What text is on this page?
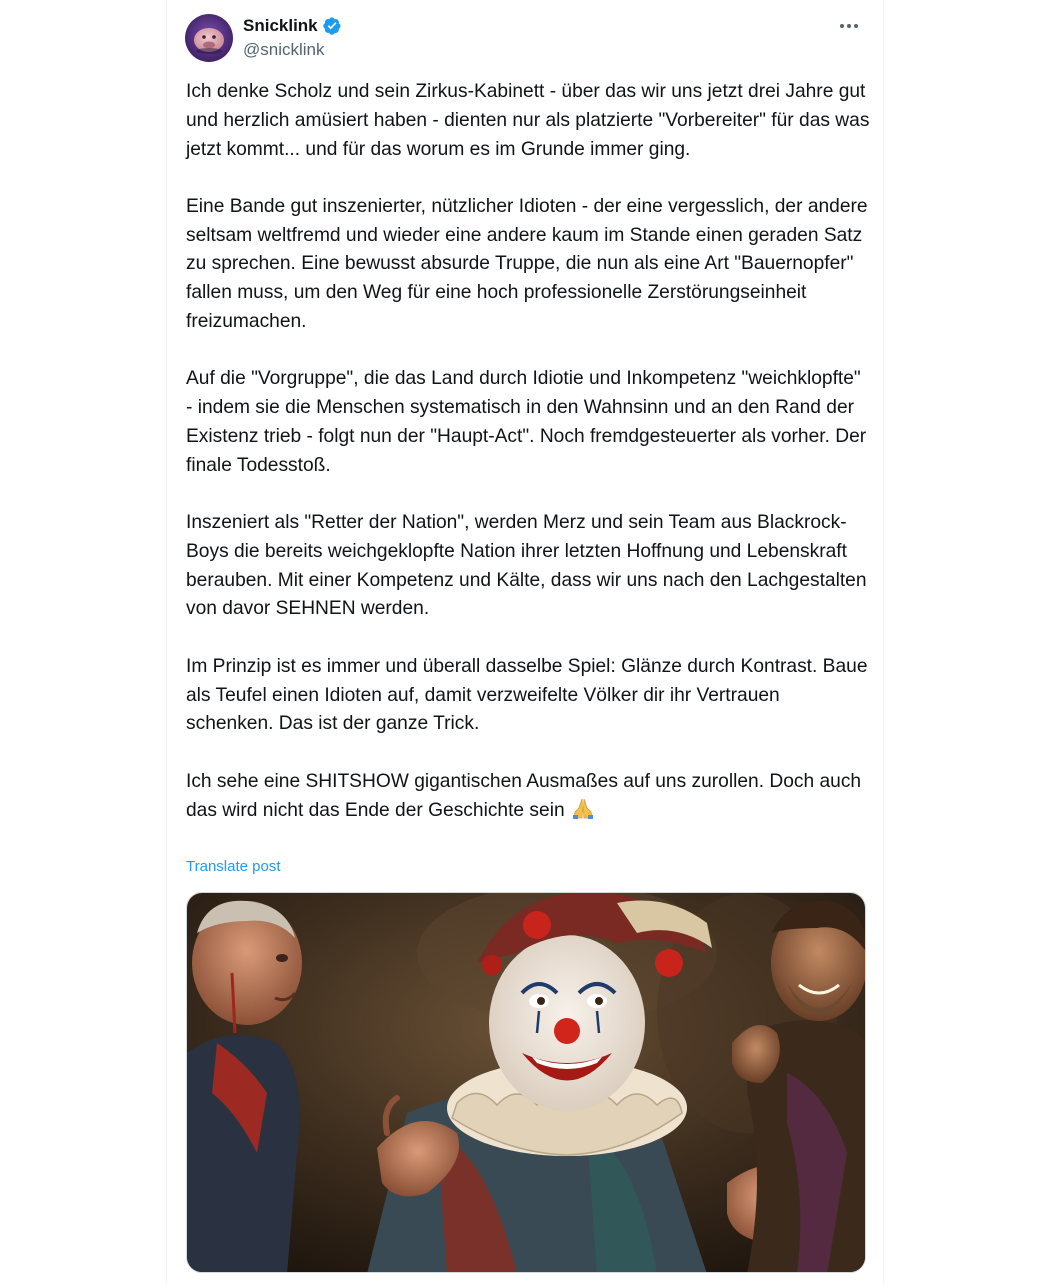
Snicklink
@snicklink

Ich denke Scholz und sein Zirkus-Kabinett - über das wir uns jetzt drei Jahre gut und herzlich amüsiert haben - dienten nur als platzierte "Vorbereiter" für das was jetzt kommt... und für das worum es im Grunde immer ging.

Eine Bande gut inszenierter, nützlicher Idioten - der eine vergesslich, der andere seltsam weltfremd und wieder eine andere kaum im Stande einen geraden Satz zu sprechen. Eine bewusst absurde Truppe, die nun als eine Art "Bauernopfer" fallen muss, um den Weg für eine hoch professionelle Zerstörungseinheit freizumachen.

Auf die "Vorgruppe", die das Land durch Idiotie und Inkompetenz "weichklopfte" - indem sie die Menschen systematisch in den Wahnsinn und an den Rand der Existenz trieb - folgt nun der "Haupt-Act". Noch fremdgesteuerter als vorher. Der finale Todesstoß.

Inszeniert als "Retter der Nation", werden Merz und sein Team aus Blackrock-Boys die bereits weichgeklopfte Nation ihrer letzten Hoffnung und Lebenskraft berauben. Mit einer Kompetenz und Kälte, dass wir uns nach den Lachgestalten von davor SEHNEN werden.

Im Prinzip ist es immer und überall dasselbe Spiel: Glänze durch Kontrast. Baue als Teufel einen Idioten auf, damit verzweifelte Völker dir ihr Vertrauen schenken. Das ist der ganze Trick.

Ich sehe eine SHITSHOW gigantischen Ausmaßes auf uns zurollen. Doch auch das wird nicht das Ende der Geschichte sein

Translate post
